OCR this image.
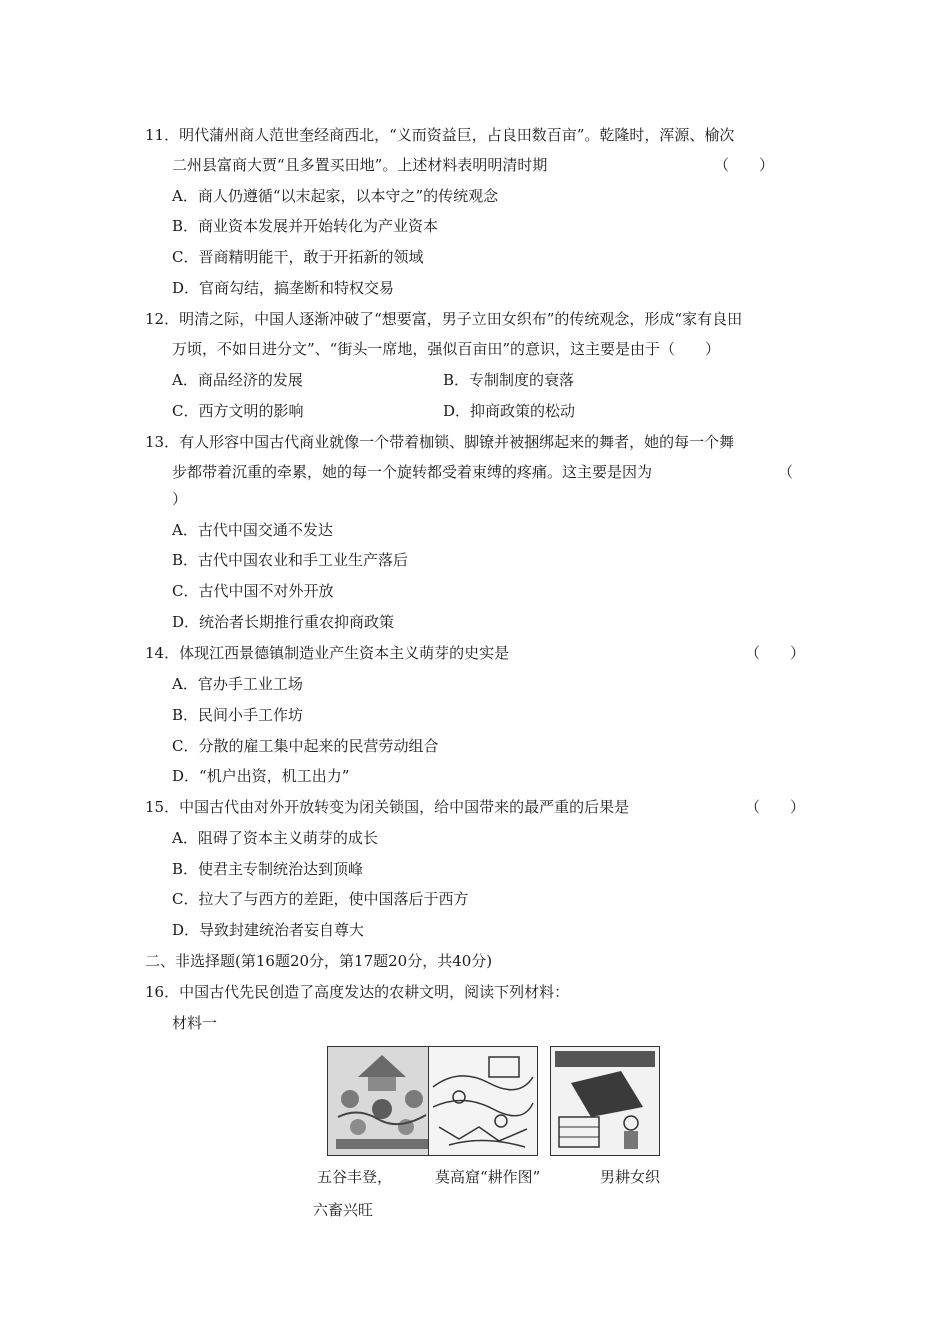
11．明代蒲州商人范世奎经商西北，“义而资益巨，占良田数百亩”。乾隆时，浑源、榆次
二州县富商大贾“且多置买田地”。上述材料表明明清时期	（　　）
A．商人仍遵循“以末起家，以本守之”的传统观念
B．商业资本发展并开始转化为产业资本
C．晋商精明能干，敢于开拓新的领域
D．官商勾结，搞垄断和特权交易
12．明清之际，中国人逐渐冲破了“想要富，男子立田女织布”的传统观念，形成“家有良田
万顷，不如日进分文”、“街头一席地，强似百亩田”的意识，这主要是由于（　　）
A．商品经济的发展	B．专制制度的衰落
C．西方文明的影响	D．抑商政策的松动
13．有人形容中国古代商业就像一个带着枷锁、脚镣并被捆绑起来的舞者，她的每一个舞
步都带着沉重的牵累，她的每一个旋转都受着束缚的疼痛。这主要是因为	（
）
A．古代中国交通不发达
B．古代中国农业和手工业生产落后
C．古代中国不对外开放
D．统治者长期推行重农抑商政策
14．体现江西景德镇制造业产生资本主义萌芽的史实是	（　　）
A．官办手工业工场
B．民间小手工作坊
C．分散的雇工集中起来的民营劳动组合
D．“机户出资，机工出力”
15．中国古代由对外开放转变为闭关锁国，给中国带来的最严重的后果是	（　　）
A．阻碍了资本主义萌芽的成长
B．使君主专制统治达到顶峰
C．拉大了与西方的差距，使中国落后于西方
D．导致封建统治者妄自尊大
二、非选择题(第16题20分，第17题20分，共40分)
16．中国古代先民创造了高度发达的农耕文明，阅读下列材料：
材料一
五谷丰登，
六畜兴旺
莫高窟“耕作图”	男耕女织
